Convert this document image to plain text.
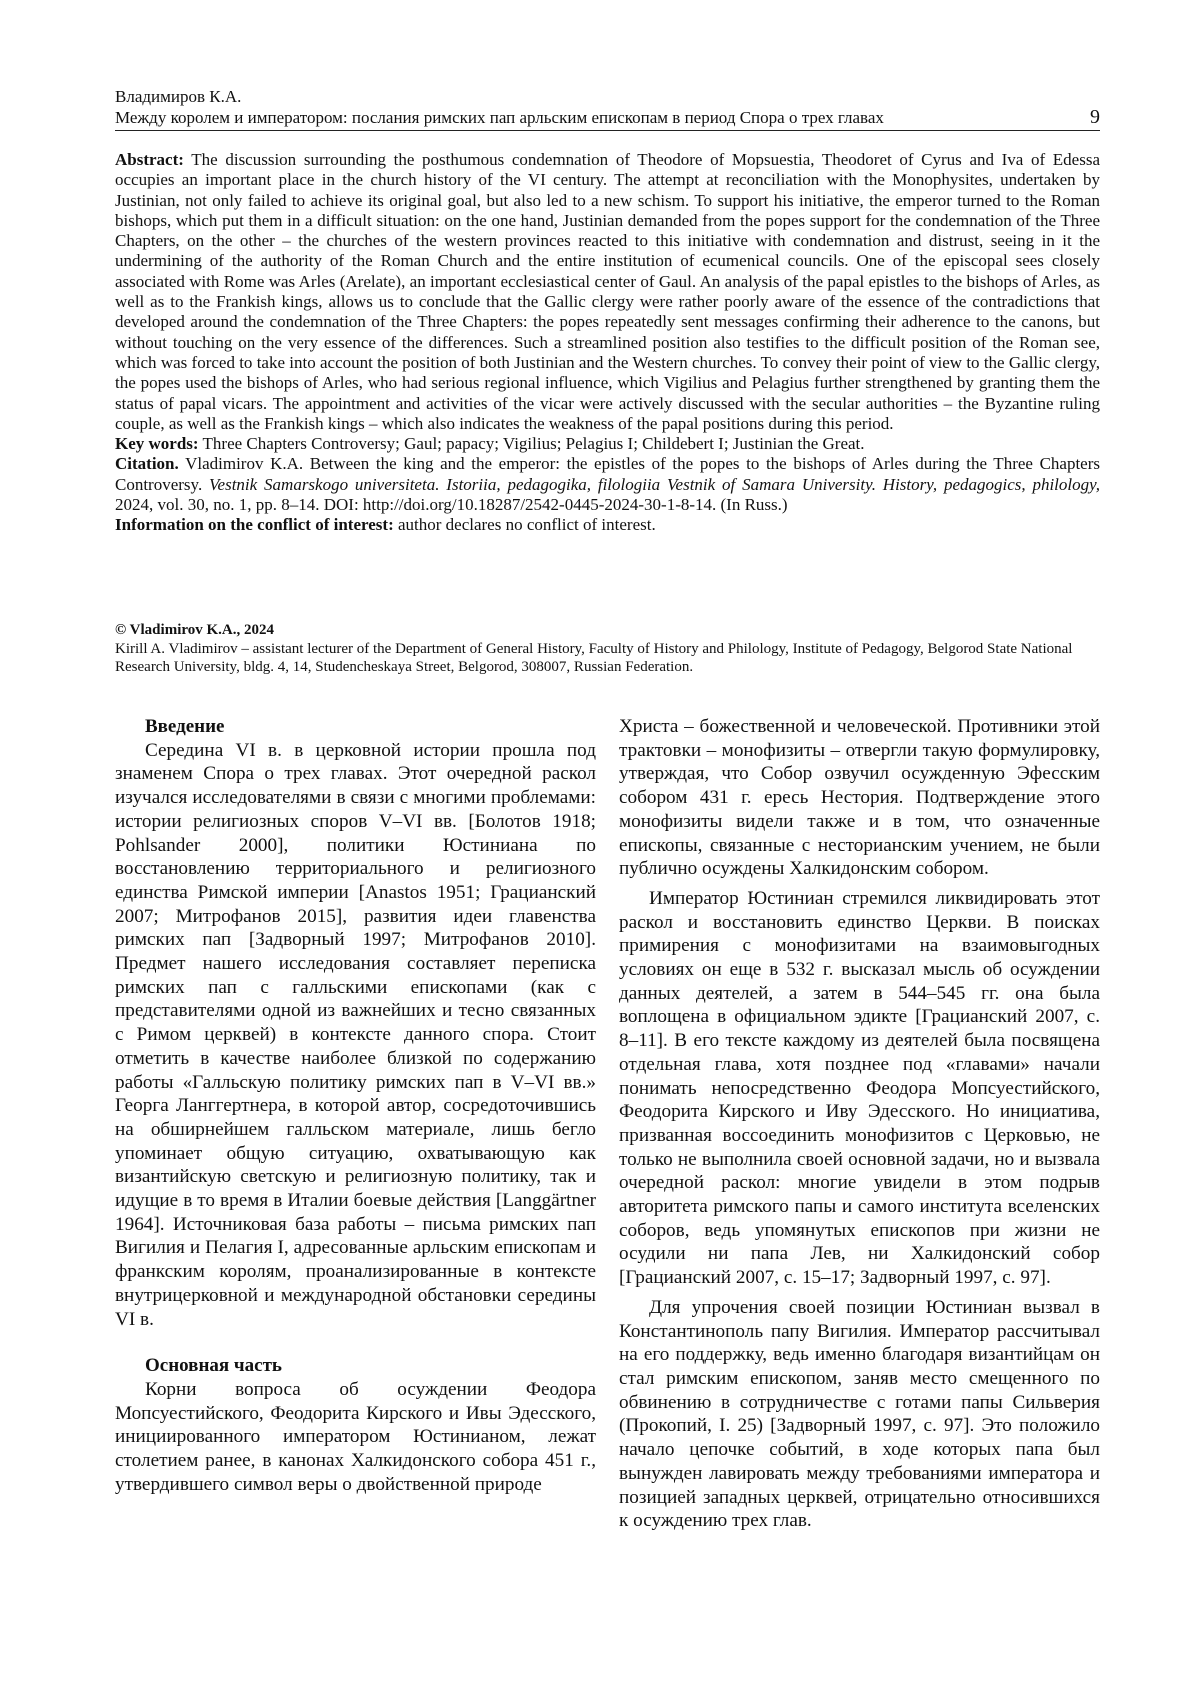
Владимиров К.А.
Между королем и императором: послания римских пап арльским епископам в период Спора о трех главах	9

Abstract: The discussion surrounding the posthumous condemnation of Theodore of Mopsuestia, Theodoret of Cyrus and Iva of Edessa occupies an important place in the church history of the VI century. The attempt at reconciliation with the Monophysites, undertaken by Justinian, not only failed to achieve its original goal, but also led to a new schism. To support his initiative, the emperor turned to the Roman bishops, which put them in a difficult situation: on the one hand, Justinian demanded from the popes support for the condemnation of the Three Chapters, on the other – the churches of the western provinces reacted to this initiative with condemnation and distrust, seeing in it the undermining of the authority of the Roman Church and the entire institution of ecumenical councils. One of the episcopal sees closely associated with Rome was Arles (Arelate), an important ecclesiastical center of Gaul. An analysis of the papal epistles to the bishops of Arles, as well as to the Frankish kings, allows us to conclude that the Gallic clergy were rather poorly aware of the essence of the contradictions that developed around the condemnation of the Three Chapters: the popes repeatedly sent messages confirming their adherence to the canons, but without touching on the very essence of the differences. Such a streamlined position also testifies to the difficult position of the Roman see, which was forced to take into account the position of both Justinian and the Western churches. To convey their point of view to the Gallic clergy, the popes used the bishops of Arles, who had serious regional influence, which Vigilius and Pelagius further strengthened by granting them the status of papal vicars. The appointment and activities of the vicar were actively discussed with the secular authorities – the Byzantine ruling couple, as well as the Frankish kings – which also indicates the weakness of the papal positions during this period.

Key words: Three Chapters Controversy; Gaul; papacy; Vigilius; Pelagius I; Childebert I; Justinian the Great.

Citation. Vladimirov K.A. Between the king and the emperor: the epistles of the popes to the bishops of Arles during the Three Chapters Controversy. Vestnik Samarskogo universiteta. Istoriia, pedagogika, filologiia Vestnik of Samara University. History, pedagogics, philology, 2024, vol. 30, no. 1, pp. 8–14. DOI: http://doi.org/10.18287/2542-0445-2024-30-1-8-14. (In Russ.)

Information on the conflict of interest: author declares no conflict of interest.

© Vladimirov K.A., 2024

Kirill A. Vladimirov – assistant lecturer of the Department of General History, Faculty of History and Philology, Institute of Pedagogy, Belgorod State National Research University, bldg. 4, 14, Studencheskaya Street, Belgorod, 308007, Russian Federation.

Введение

Середина VI в. в церковной истории прошла под знаменем Спора о трех главах. Этот очередной раскол изучался исследователями в связи с многими проблемами: истории религиозных споров V–VI вв. [Болотов 1918; Pohlsander 2000], политики Юстиниана по восстановлению территориального и религиозного единства Римской империи [Anastos 1951; Грацианский 2007; Митрофанов 2015], развития идеи главенства римских пап [Задворный 1997; Митрофанов 2010]. Предмет нашего исследования составляет переписка римских пап с галльскими епископами (как с представителями одной из важнейших и тесно связанных с Римом церквей) в контексте данного спора. Стоит отметить в качестве наиболее близкой по содержанию работы «Галльскую политику римских пап в V–VI вв.» Георга Ланггертнера, в которой автор, сосредоточившись на обширнейшем галльском материале, лишь бегло упоминает общую ситуацию, охватывающую как византийскую светскую и религиозную политику, так и идущие в то время в Италии боевые действия [Langgärtner 1964]. Источниковая база работы – письма римских пап Вигилия и Пелагия I, адресованные арльским епископам и франкским королям, проанализированные в контексте внутрицерковной и международной обстановки середины VI в.

Основная часть

Корни вопроса об осуждении Феодора Мопсуестийского, Феодорита Кирского и Ивы Эдесского, инициированного императором Юстинианом, лежат столетием ранее, в канонах Халкидонского собора 451 г., утвердившего символ веры о двойственной природе

Христа – божественной и человеческой. Противники этой трактовки – монофизиты – отвергли такую формулировку, утверждая, что Собор озвучил осужденную Эфесским собором 431 г. ересь Нестория. Подтверждение этого монофизиты видели также и в том, что означенные епископы, связанные с несторианским учением, не были публично осуждены Халкидонским собором.

Император Юстиниан стремился ликвидировать этот раскол и восстановить единство Церкви. В поисках примирения с монофизитами на взаимовыгодных условиях он еще в 532 г. высказал мысль об осуждении данных деятелей, а затем в 544–545 гг. она была воплощена в официальном эдикте [Грацианский 2007, с. 8–11]. В его тексте каждому из деятелей была посвящена отдельная глава, хотя позднее под «главами» начали понимать непосредственно Феодора Мопсуестийского, Феодорита Кирского и Иву Эдесского. Но инициатива, призванная воссоединить монофизитов с Церковью, не только не выполнила своей основной задачи, но и вызвала очередной раскол: многие увидели в этом подрыв авторитета римского папы и самого института вселенских соборов, ведь упомянутых епископов при жизни не осудили ни папа Лев, ни Халкидонский собор [Грацианский 2007, с. 15–17; Задворный 1997, с. 97].

Для упрочения своей позиции Юстиниан вызвал в Константинополь папу Вигилия. Император рассчитывал на его поддержку, ведь именно благодаря византийцам он стал римским епископом, заняв место смещенного по обвинению в сотрудничестве с готами папы Сильверия (Прокопий, I. 25) [Задворный 1997, с. 97]. Это положило начало цепочке событий, в ходе которых папа был вынужден лавировать между требованиями императора и позицией западных церквей, отрицательно относившихся к осуждению трех глав.
